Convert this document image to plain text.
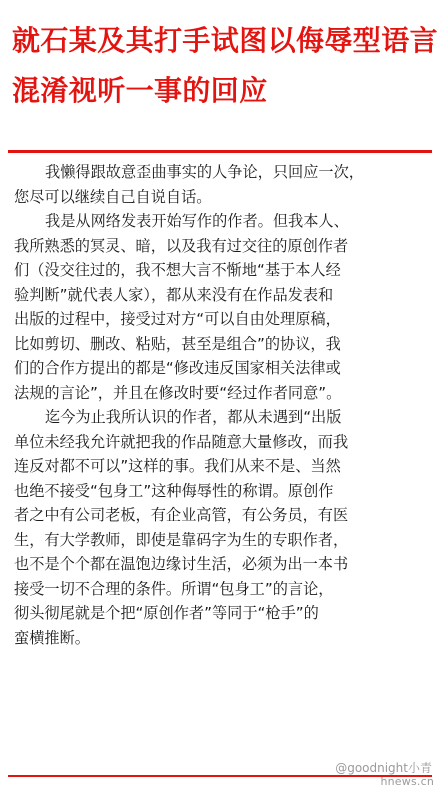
就石某及其打手试图以侮辱型语言
混淆视听一事的回应

我懒得跟故意歪曲事实的人争论，只回应一次，
您尽可以继续自己自说自话。

我是从网络发表开始写作的作者。但我本人、
我所熟悉的冥灵、暗，以及我有过交往的原创作者
们（没交往过的，我不想大言不惭地“基于本人经
验判断”就代表人家），都从来没有在作品发表和
出版的过程中，接受过对方“可以自由处理原稿，
比如剪切、删改、粘贴，甚至是组合”的协议，我
们的合作方提出的都是“修改违反国家相关法律或
法规的言论”，并且在修改时要“经过作者同意”。

迄今为止我所认识的作者，都从未遇到“出版
单位未经我允许就把我的作品随意大量修改，而我
连反对都不可以”这样的事。我们从来不是、当然
也绝不接受“包身工”这种侮辱性的称谓。原创作
者之中有公司老板，有企业高管，有公务员，有医
生，有大学教师，即使是靠码字为生的专职作者，
也不是个个都在温饱边缘讨生活，必须为出一本书
接受一切不合理的条件。所谓“包身工”的言论，
彻头彻尾就是个把“原创作者”等同于“枪手”的
蛮横推断。

@goodnight小青
hnews.cn
